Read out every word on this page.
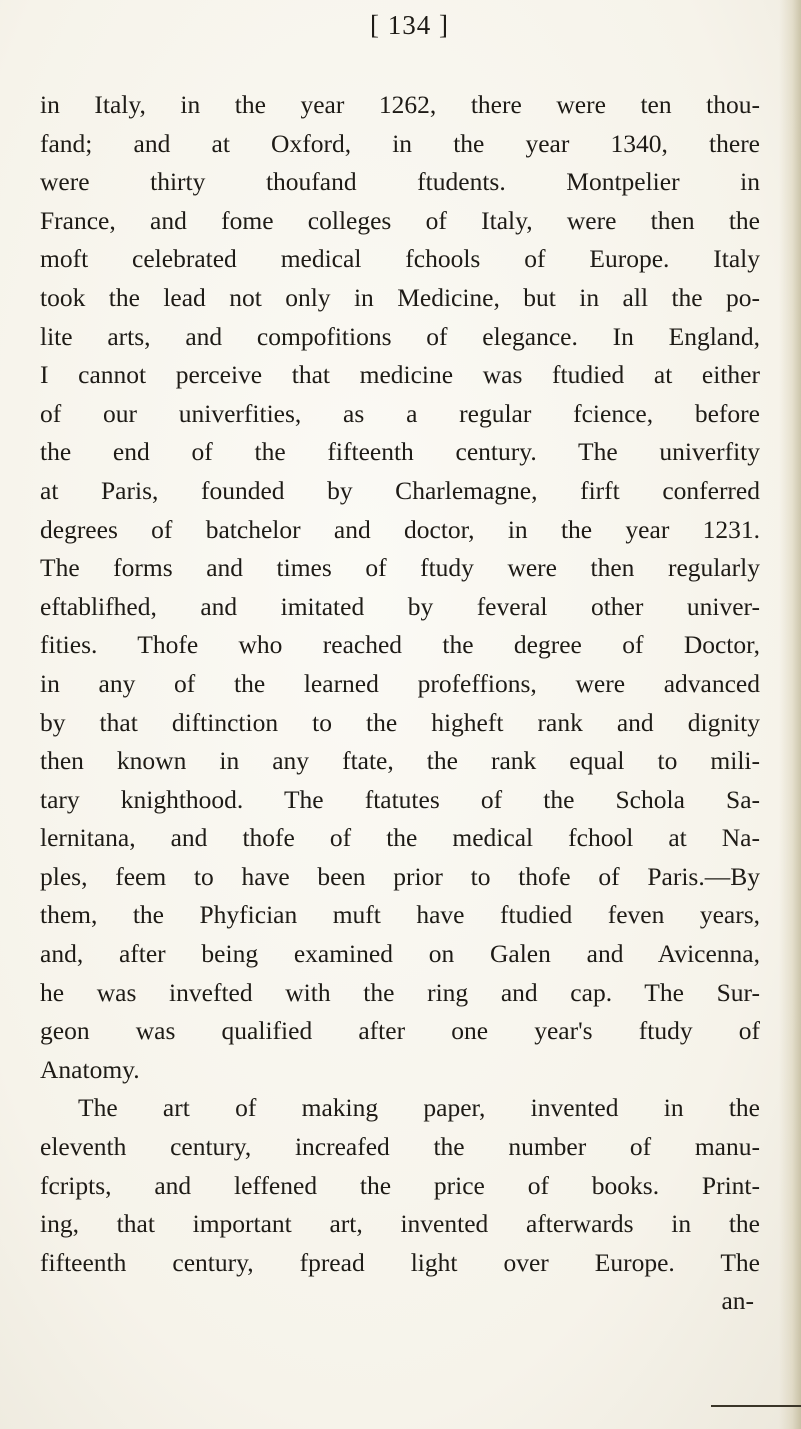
[ 134 ]
in Italy, in the year 1262, there were ten thou-
fand; and at Oxford, in the year 1340, there
were thirty thoufand ftudents. Montpelier in
France, and fome colleges of Italy, were then the
moft celebrated medical fchools of Europe. Italy
took the lead not only in Medicine, but in all the po-
lite arts, and compofitions of elegance. In England,
I cannot perceive that medicine was ftudied at either
of our univerfities, as a regular fcience, before
the end of the fifteenth century. The univerfity
at Paris, founded by Charlemagne, firft conferred
degrees of batchelor and doctor, in the year 1231.
The forms and times of ftudy were then regularly
eftablifhed, and imitated by feveral other univer-
fities. Thofe who reached the degree of Doctor,
in any of the learned profeffions, were advanced
by that diftinction to the higheft rank and dignity
then known in any ftate, the rank equal to mili-
tary knighthood. The ftatutes of the Schola Sa-
lernitana, and thofe of the medical fchool at Na-
ples, feem to have been prior to thofe of Paris.—By
them, the Phyfician muft have ftudied feven years,
and, after being examined on Galen and Avicenna,
he was invefted with the ring and cap. The Sur-
geon was qualified after one year's ftudy of
Anatomy.
The art of making paper, invented in the
eleventh century, increafed the number of manu-
fcripts, and leffened the price of books. Print-
ing, that important art, invented afterwards in the
fifteenth century, fpread light over Europe. The
an-
